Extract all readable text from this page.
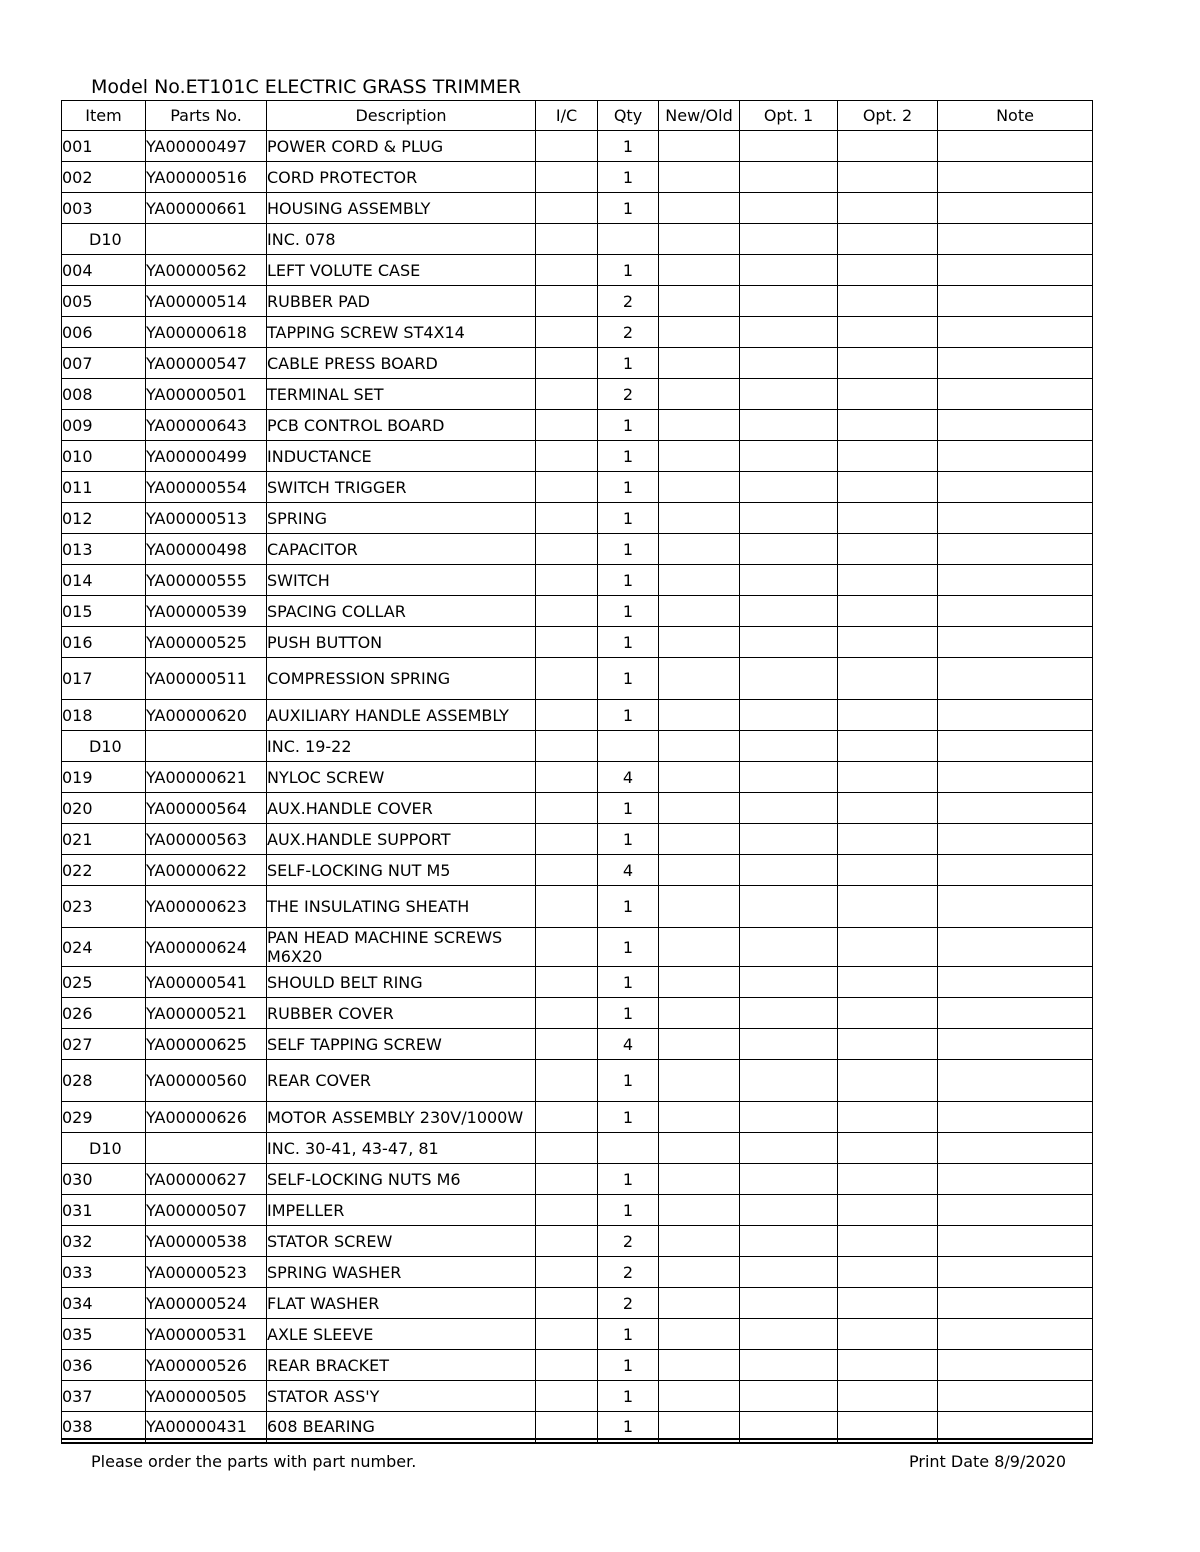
Model No.ET101C ELECTRIC GRASS TRIMMER
Item	Parts No.	Description	I/C	Qty	New/Old	Opt. 1	Opt. 2	Note
001	YA00000497	POWER CORD & PLUG		1				
002	YA00000516	CORD PROTECTOR		1				
003	YA00000661	HOUSING ASSEMBLY		1				
D10		INC. 078						
004	YA00000562	LEFT VOLUTE CASE		1				
005	YA00000514	RUBBER PAD		2				
006	YA00000618	TAPPING SCREW ST4X14		2				
007	YA00000547	CABLE PRESS BOARD		1				
008	YA00000501	TERMINAL SET		2				
009	YA00000643	PCB CONTROL BOARD		1				
010	YA00000499	INDUCTANCE		1				
011	YA00000554	SWITCH TRIGGER		1				
012	YA00000513	SPRING		1				
013	YA00000498	CAPACITOR		1				
014	YA00000555	SWITCH		1				
015	YA00000539	SPACING COLLAR		1				
016	YA00000525	PUSH BUTTON		1				
017	YA00000511	COMPRESSION SPRING		1				
018	YA00000620	AUXILIARY HANDLE ASSEMBLY		1				
D10		INC. 19-22						
019	YA00000621	NYLOC SCREW		4				
020	YA00000564	AUX.HANDLE COVER		1				
021	YA00000563	AUX.HANDLE SUPPORT		1				
022	YA00000622	SELF-LOCKING NUT M5		4				
023	YA00000623	THE INSULATING SHEATH		1				
024	YA00000624	PAN HEAD MACHINE SCREWS M6X20		1				
025	YA00000541	SHOULD BELT RING		1				
026	YA00000521	RUBBER COVER		1				
027	YA00000625	SELF TAPPING SCREW		4				
028	YA00000560	REAR COVER		1				
029	YA00000626	MOTOR ASSEMBLY 230V/1000W		1				
D10		INC. 30-41, 43-47, 81						
030	YA00000627	SELF-LOCKING NUTS M6		1				
031	YA00000507	IMPELLER		1				
032	YA00000538	STATOR SCREW		2				
033	YA00000523	SPRING WASHER		2				
034	YA00000524	FLAT WASHER		2				
035	YA00000531	AXLE SLEEVE		1				
036	YA00000526	REAR BRACKET		1				
037	YA00000505	STATOR ASS'Y		1				
038	YA00000431	608 BEARING		1				
Please order the parts with part number.	Print Date 8/9/2020
